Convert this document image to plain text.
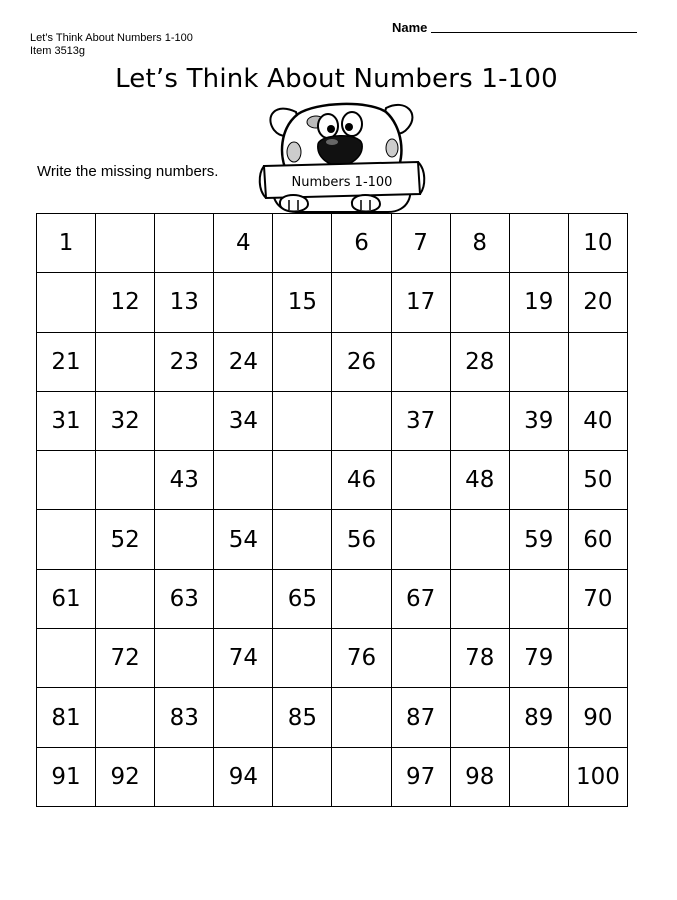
Name
Let’s Think About Numbers 1-100
Item 3513g
Let’s Think About Numbers 1-100
Write the missing numbers.
Numbers 1-100
1			4		6	7	8		10
	12	13		15		17		19	20
21		23	24		26		28		
31	32		34			37		39	40
		43			46		48		50
	52		54		56			59	60
61		63		65		67			70
	72		74		76		78	79	
81		83		85		87		89	90
91	92		94			97	98		100
